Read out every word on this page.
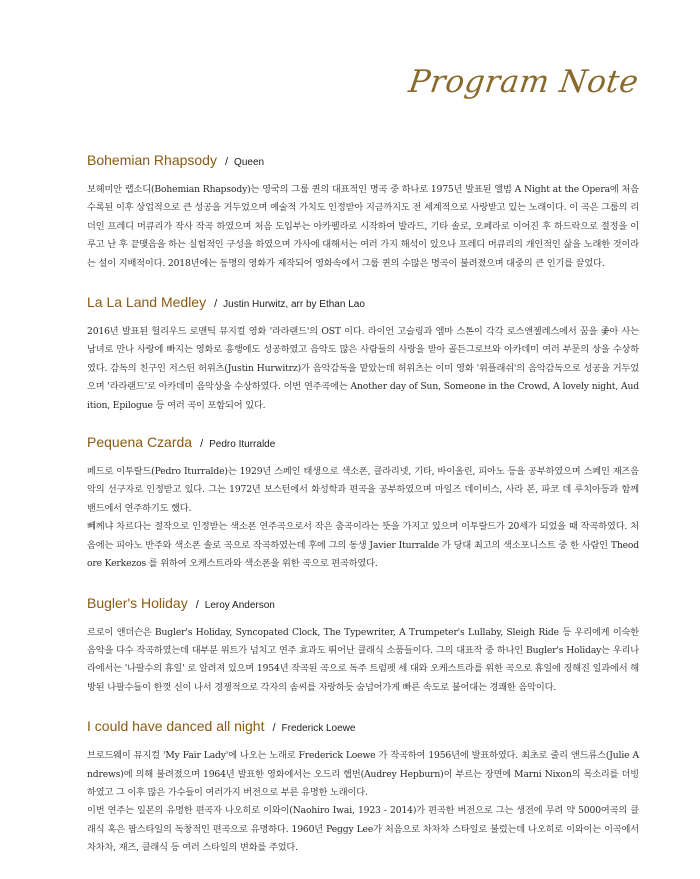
Program Note
Bohemian Rhapsody / Queen

보헤미안 랩소디(Bohemian Rhapsody)는 영국의 그룹 퀸의 대표적인 명곡 중 하나로 1975년 발표된 앨범 A Night at the Opera에 처음 수록된 이후 상업적으로 큰 성공을 거두었으며 예술적 가치도 인정받아 지금까지도 전 세계적으로 사랑받고 있는 노래이다. 이 곡은 그룹의 리더인 프레디 머큐리가 작사 작곡 하였으며 처음 도입부는 아카펠라로 시작하여 발라드, 기타 솔로, 오페라로 이어진 후 하드락으로 절정을 이루고 난 후 끝맺음을 하는 실험적인 구성을 하였으며 가사에 대해서는 여러 가지 해석이 있으나 프레디 머큐리의 개인적인 삶을 노래한 것이라는 설이 지배적이다. 2018년에는 동명의 영화가 제작되어 영화속에서 그룹 퀸의 수많은 명곡이 불려졌으며 대중의 큰 인기를 끌었다.

La La Land Medley / Justin Hurwitz, arr by Ethan Lao

2016년 발표된 헐리우드 로맨틱 뮤지컬 영화 '라라랜드'의 OST 이다. 라이언 고슬링과 엠마 스톤이 각각 로스앤젤레스에서 꿈을 좇아 사는 남녀로 만나 사랑에 빠지는 영화로 흥행에도 성공하였고 음악도 많은 사람들의 사랑을 받아 골든그로브와 아카데미 여러 부문의 상을 수상하였다. 감독의 친구인 저스틴 허위츠(Justin Hurwitrz)가 음악감독을 맡았는데 허위츠는 이미 영화 '위플래쉬'의 음악감독으로 성공을 거두었으며 '라라랜드'로 아카데미 음악상을 수상하였다. 이번 연주곡에는 Another day of Sun, Someone in the Crowd, A lovely night, Audition, Epilogue 등 여러 곡이 포함되어 있다.

Pequena Czarda / Pedro Iturralde

페드로 이투랄드(Pedro Iturralde)는 1929년 스페인 태생으로 색소폰, 클라리넷, 기타, 바이올린, 피아노 등을 공부하였으며 스페인 재즈음악의 선구자로 인정받고 있다. 그는 1972년 보스턴에서 화성학과 편곡을 공부하였으며 마일즈 데이비스, 사라 본, 파코 데 루치아등과 함께 밴드에서 연주하기도 했다.

뻬께냐 차르다는 절작으로 인정받는 색소폰 연주곡으로서 작은 춤곡이라는 뜻을 가지고 있으며 이투랄드가 20세가 되었을 때 작곡하였다. 처음에는 피아노 반주와 색소폰 솔로 곡으로 작곡하였는데 후에 그의 동생 Javier Iturralde 가 당대 최고의 색소포니스트 중 한 사람인 Theodore Kerkezos 를 위하여 오케스트라와 색소폰을 위한 곡으로 편곡하였다.

Bugler's Holiday / Leroy Anderson

르로이 앤더슨은 Bugler's Holiday, Syncopated Clock, The Typewriter, A Trumpeter's Lullaby, Sleigh Ride 등 우리에게 이숙한 음악을 다수 작곡하였는데 대부분 위트가 넘치고 연주 효과도 뛰어난 클래식 소품들이다. 그의 대표작 중 하나인 Bugler's Holiday는 우리나라에서는 '나팔수의 휴일' 로 알려져 있으며 1954년 작곡된 곡으로 독주 트럼펫 세 대와 오케스트라를 위한 곡으로 휴일에 징해진 일과에서 해방된 나팔수들이 한껏 신이 나서 경쟁적으로 각자의 솜씨를 자랑하듯 숨넘어가게 빠른 속도로 불어대는 경쾌한 음악이다.

I could have danced all night / Frederick Loewe

브로드웨이 뮤지컬 'My Fair Lady'에 나오는 노래로 Frederick Loewe 가 작곡하여 1956년에 발표하였다. 최초로 줄리 앤드류스(Julie Andrews)에 의해 불려졌으며 1964년 발표한 영화에서는 오드리 햅번(Audrey Hepburn)이 부르는 장면에 Marni Nixon의 목소리를 더빙하였고 그 이후 많은 가수들이 여러가지 버전으로 부른 유명한 노래이다.

이번 연주는 일본의 유명한 편곡자 나오히로 이와이(Naohiro Iwai, 1923 - 2014)가 편곡한 버전으로 그는 생전에 무려 약 5000여곡의 클래식 혹은 팝스타일의 독창적인 편곡으로 유명하다. 1960년 Peggy Lee가 처음으로 차차차 스타일로 불렀는데 나오히로 이와이는 이곡에서 차차차, 재즈, 클래식 등 여러 스타일의 변화를 주었다.
